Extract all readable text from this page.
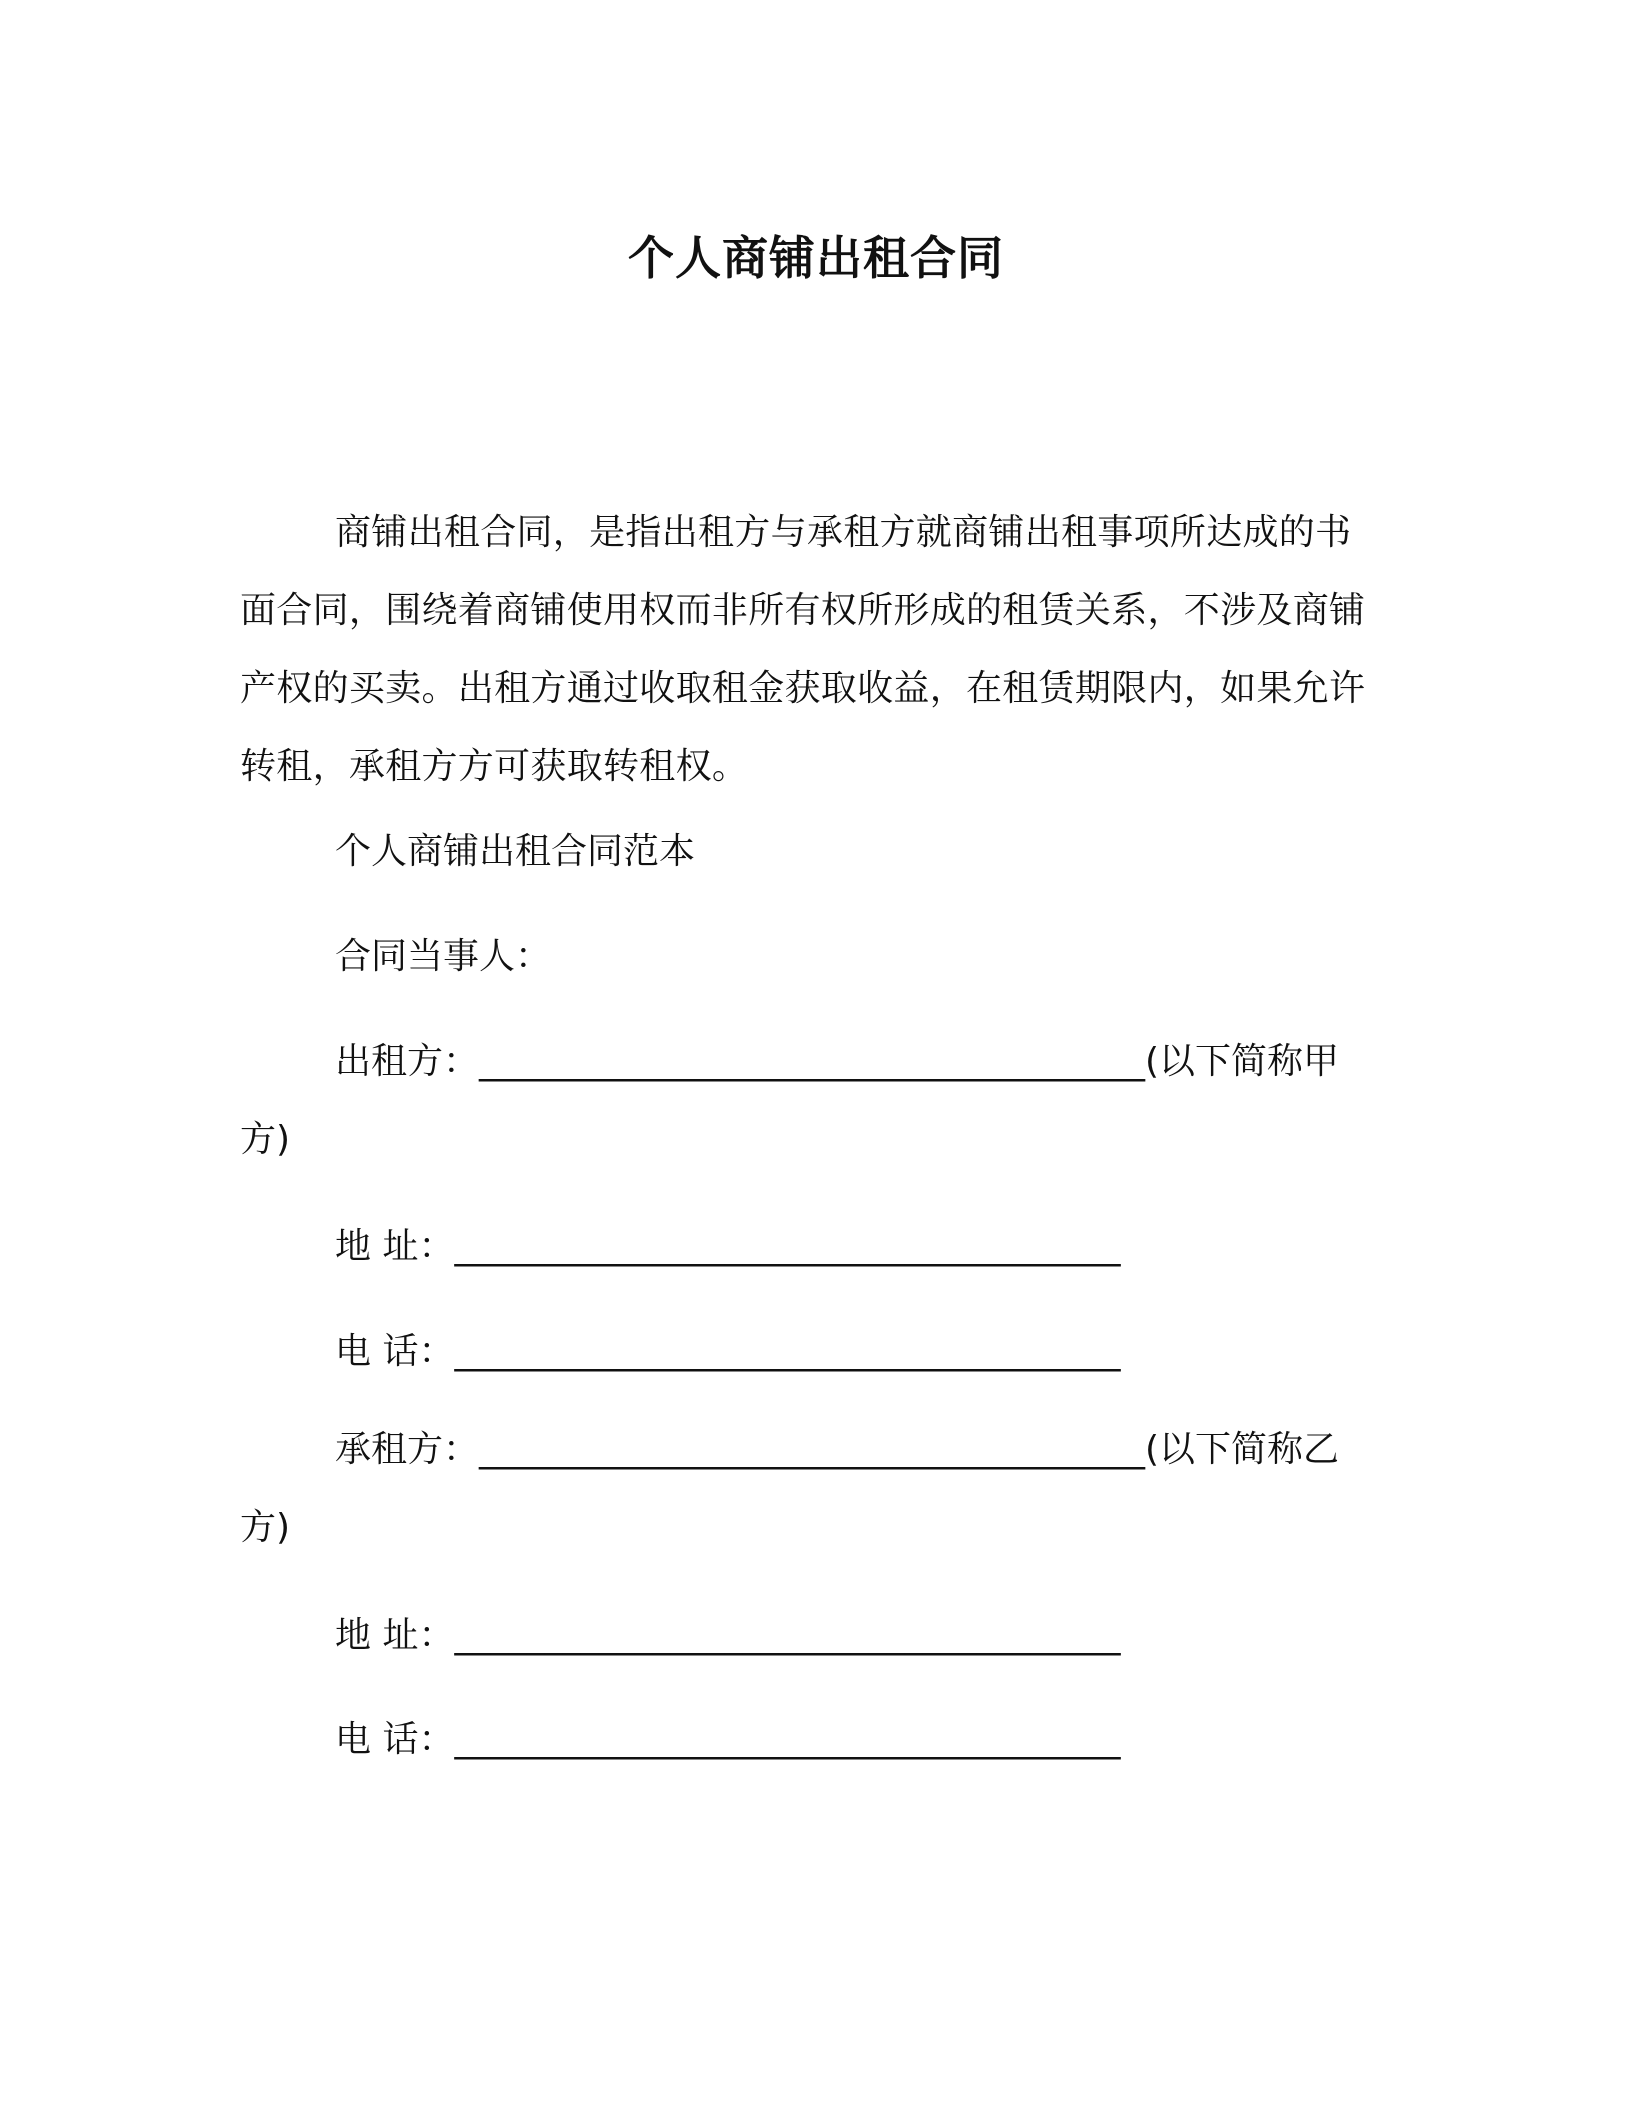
个人商铺出租合同
商铺出租合同，是指出租方与承租方就商铺出租事项所达成的书面合同，围绕着商铺使用权而非所有权所形成的租赁关系，不涉及商铺产权的买卖。出租方通过收取租金获取收益，在租赁期限内，如果允许转租，承租方方可获取转租权。
个人商铺出租合同范本
合同当事人：
出租方：_____________________________________(以下简称甲
方)
地 址：_____________________________________
电 话：_____________________________________
承租方：_____________________________________(以下简称乙
方)
地 址：_____________________________________
电 话：_____________________________________
